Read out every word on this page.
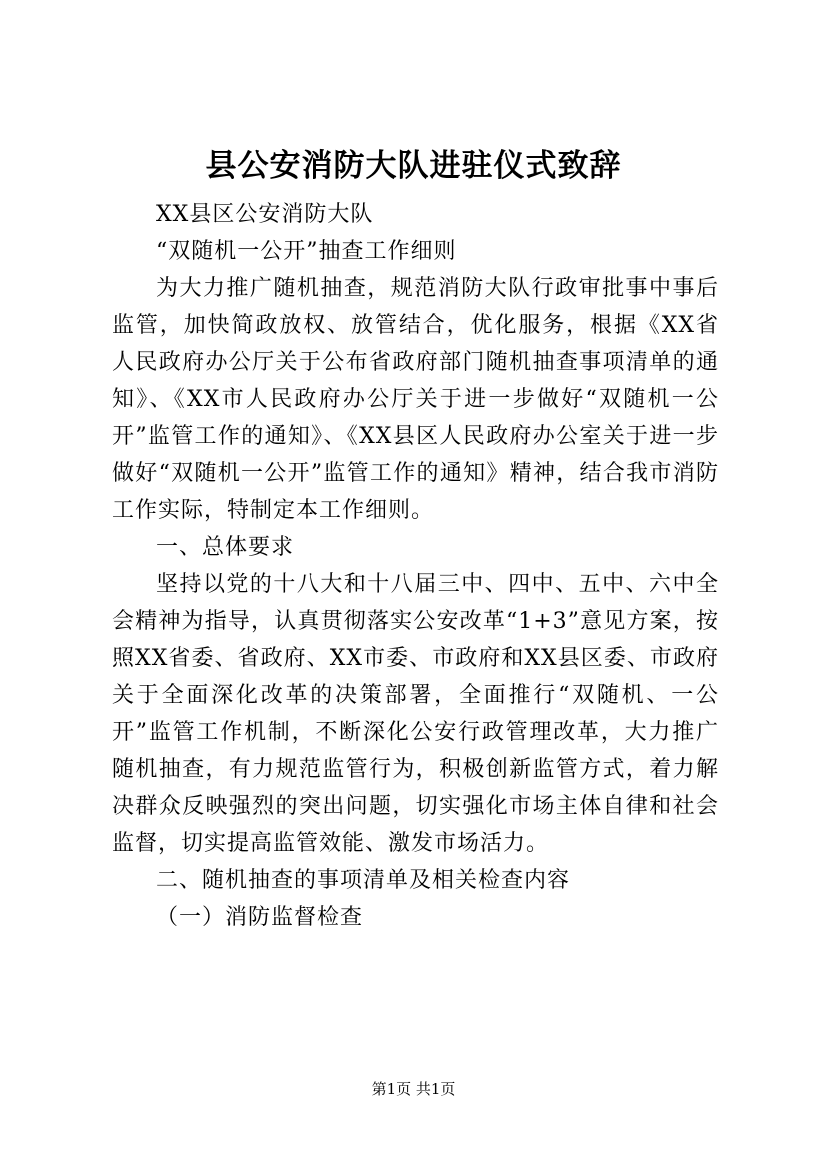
县公安消防大队进驻仪式致辞

XX县区公安消防大队

“双随机一公开”抽查工作细则

为大力推广随机抽查，规范消防大队行政审批事中事后监管，加快简政放权、放管结合，优化服务，根据《XX省人民政府办公厅关于公布省政府部门随机抽查事项清单的通知》、《XX市人民政府办公厅关于进一步做好“双随机一公开”监管工作的通知》、《XX县区人民政府办公室关于进一步做好“双随机一公开”监管工作的通知》精神，结合我市消防工作实际，特制定本工作细则。

一、总体要求

坚持以党的十八大和十八届三中、四中、五中、六中全会精神为指导，认真贯彻落实公安改革“1+3”意见方案，按照XX省委、省政府、XX市委、市政府和XX县区委、市政府关于全面深化改革的决策部署，全面推行“双随机、一公开”监管工作机制，不断深化公安行政管理改革，大力推广随机抽查，有力规范监管行为，积极创新监管方式，着力解决群众反映强烈的突出问题，切实强化市场主体自律和社会监督，切实提高监管效能、激发市场活力。

二、随机抽查的事项清单及相关检查内容

（一）消防监督检查

第1页 共1页
